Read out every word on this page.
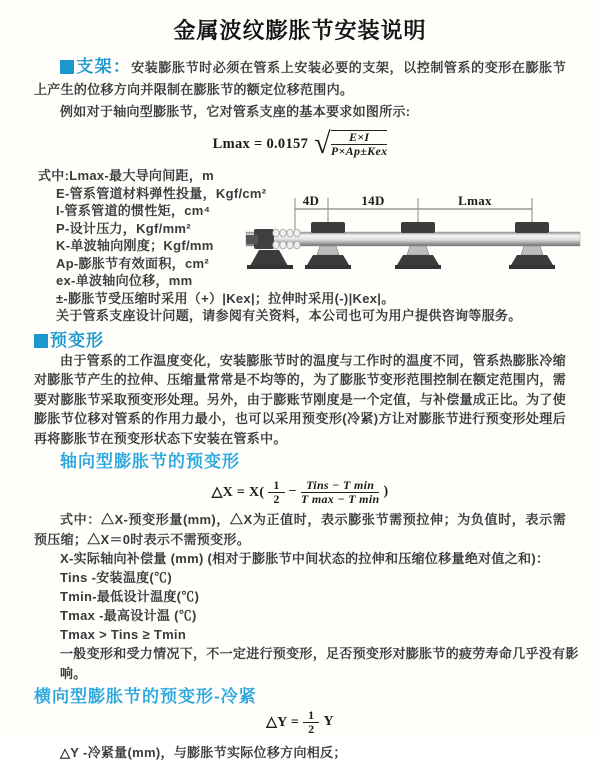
金属波纹膨胀节安装说明

支架：安装膨胀节时必须在管系上安装必要的支架，以控制管系的变形在膨胀节上产生的位移方向并限制在膨胀节的额定位移范围内。

例如对于轴向型膨胀节，它对管系支座的基本要求如图所示:

Lmax = 0.0157 √ $\frac{E\times I}{\text{P×Ap±Kex}}$
式中:Lmax-最大导向间距，m
E-管系管道材料弹性投量，Kgf/cm²
I-管系管道的惯性矩，cm⁴
P-设计压力，Kgf/mm²
K-单波轴向刚度；Kgf/mm
Ap-膨胀节有效面积，cm²
ex-单波轴向位移，mm
±-膨胀节受压缩时采用（+）|Kex|；拉伸时采用(-)|Kex|。
关于管系支座设计问题，请参阅有关资料，本公司也可为用户提供咨询等服务。
4D	14D	Lmax

预变形

由于管系的工作温度变化，安装膨胀节时的温度与工作时的温度不同，管系热膨胀冷缩对膨胀节产生的拉伸、压缩量常常是不均等的，为了膨胀节变形范围控制在额定范围内，需要对膨胀节采取预变形处理。另外，由于膨账节刚度是一个定值，与补偿量成正比。为了使膨胀节位移对管系的作用力最小，也可以采用预变形(冷紧)方让对膨胀节进行预变形处理后再将膨胀节在预变形状态下安装在管系中。

轴向型膨胀节的预变形

△X = $X( \frac{1}{2} - \frac{\text{Tins − T min}}{\text{T max − T min}}$ )

式中：△X-预变形量(mm)，△X为正值时，表示膨张节需预拉伸；为负值时，表示需预压缩；△X＝0时表示不需预变形。

X-实际轴向补偿量 (mm) (相对于膨胀节中间状态的拉伸和压缩位移量绝对值之和)：
Tins -安装温度(℃)
Tmin-最低设计温度(℃)
Tmax -最高设计温 (℃)
Tmax > Tins ≥ Tmin

一般变形和受力情况下，不一定进行预变形，足否预变形对膨胀节的疲劳寿命几乎没有影响。

横向型膨胀节的预变形-冷紧

△Y = $\frac{1}{2}$ Y

△Y -冷紧量(mm)，与膨胀节实际位移方向相反；
